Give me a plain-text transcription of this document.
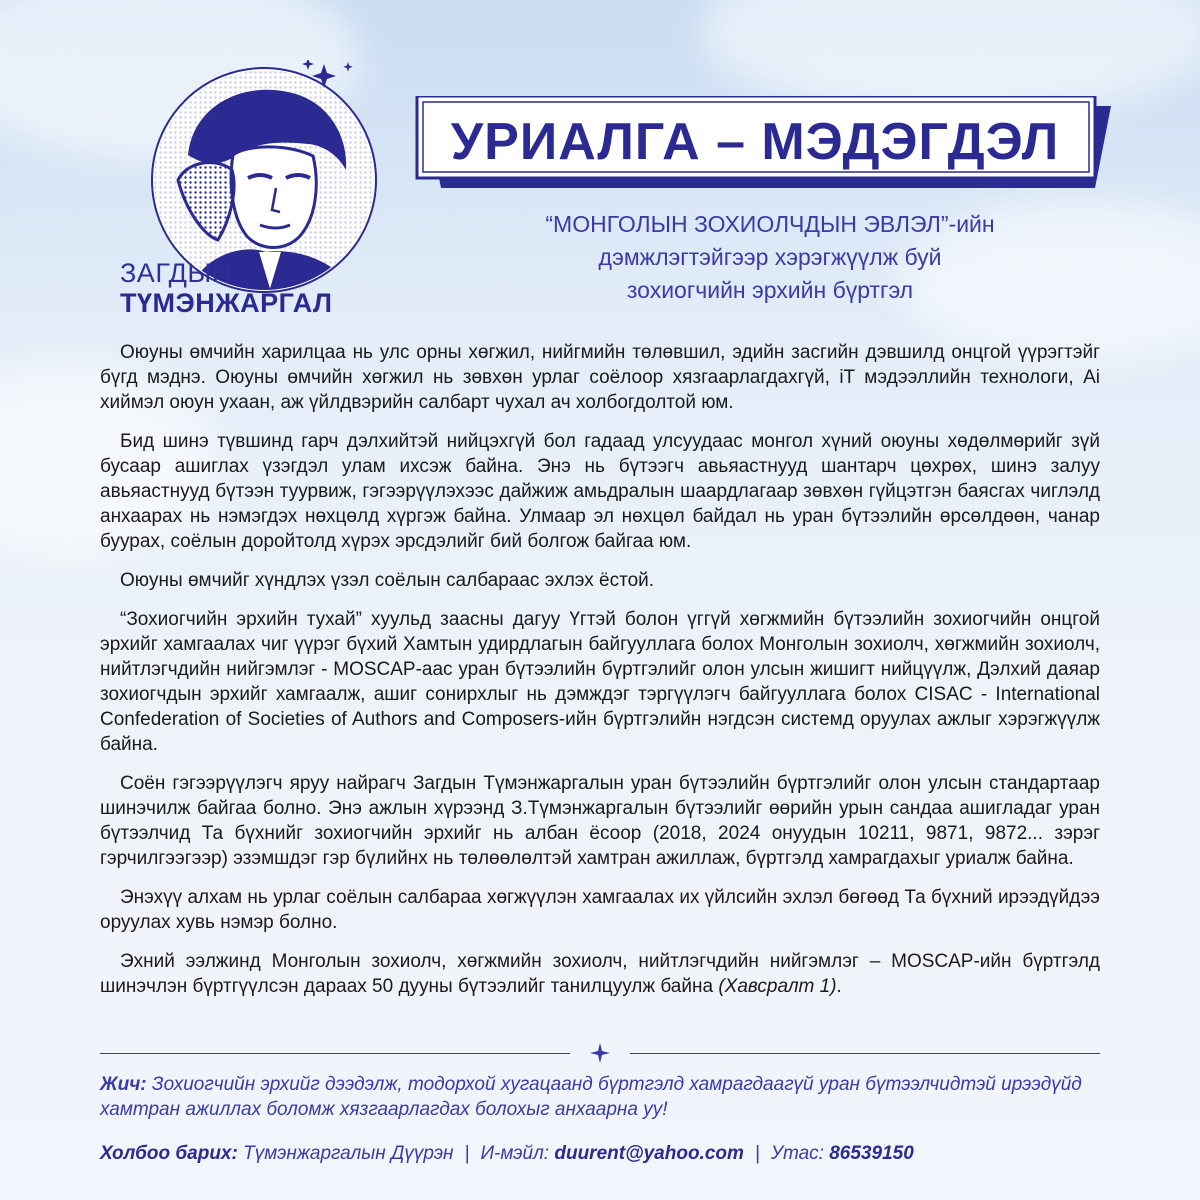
ЗАГДЫН
ТҮМЭНЖАРГАЛ
УРИАЛГА – МЭДЭГДЭЛ
“МОНГОЛЫН ЗОХИОЛЧДЫН ЭВЛЭЛ”-ийн
дэмжлэгтэйгээр хэрэгжүүлж буй
зохиогчийн эрхийн бүртгэл

Оюуны өмчийн харилцаа нь улс орны хөгжил, нийгмийн төлөвшил, эдийн засгийн дэвшилд онцгой үүрэгтэйг бүгд мэднэ. Оюуны өмчийн хөгжил нь зөвхөн урлаг соёлоор хязгаарлагдахгүй, iT мэдээллийн технологи, Ai хиймэл оюун ухаан, аж үйлдвэрийн салбарт чухал ач холбогдолтой юм.

Бид шинэ түвшинд гарч дэлхийтэй нийцэхгүй бол гадаад улсуудаас монгол хүний оюуны хөдөлмөрийг зүй бусаар ашиглах үзэгдэл улам ихсэж байна. Энэ нь бүтээгч авьяастнууд шантарч цөхрөх, шинэ залуу авьяастнууд бүтээн туурвиж, гэгээрүүлэхээс дайжиж амьдралын шаардлагаар зөвхөн гүйцэтгэн баясгах чиглэлд анхаарах нь нэмэгдэх нөхцөлд хүргэж байна. Улмаар эл нөхцөл байдал нь уран бүтээлийн өрсөлдөөн, чанар буурах, соёлын доройтолд хүрэх эрсдэлийг бий болгож байгаа юм.

Оюуны өмчийг хүндлэх үзэл соёлын салбараас эхлэх ёстой.

“Зохиогчийн эрхийн тухай” хуульд заасны дагуу Үгтэй болон үггүй хөгжмийн бүтээлийн зохиогчийн онцгой эрхийг хамгаалах чиг үүрэг бүхий Хамтын удирдлагын байгууллага болох Монголын зохиолч, хөгжмийн зохиолч, нийтлэгчдийн нийгэмлэг - MOSCAP-аас уран бүтээлийн бүртгэлийг олон улсын жишигт нийцүүлж, Дэлхий даяар зохиогчдын эрхийг хамгаалж, ашиг сонирхлыг нь дэмждэг тэргүүлэгч байгууллага болох CISAC - International Confederation of Societies of Authors and Composers-ийн бүртгэлийн нэгдсэн системд оруулах ажлыг хэрэгжүүлж байна.

Соён гэгээрүүлэгч яруу найрагч Загдын Түмэнжаргалын уран бүтээлийн бүртгэлийг олон улсын стандартаар шинэчилж байгаа болно. Энэ ажлын хүрээнд З.Түмэнжаргалын бүтээлийг өөрийн урын сандаа ашигладаг уран бүтээлчид Та бүхнийг зохиогчийн эрхийг нь албан ёсоор (2018, 2024 онуудын 10211, 9871, 9872... зэрэг гэрчилгээгээр) эзэмшдэг гэр бүлийнх нь төлөөлөлтэй хамтран ажиллаж, бүртгэлд хамрагдахыг уриалж байна.

Энэхүү алхам нь урлаг соёлын салбараа хөгжүүлэн хамгаалах их үйлсийн эхлэл бөгөөд Та бүхний ирээдүйдээ оруулах хувь нэмэр болно.

Эхний ээлжинд Монголын зохиолч, хөгжмийн зохиолч, нийтлэгчдийн нийгэмлэг – MOSCAP-ийн бүртгэлд шинэчлэн бүртгүүлсэн дараах 50 дууны бүтээлийг танилцуулж байна (Хавсралт 1).

Жич: Зохиогчийн эрхийг дээдэлж, тодорхой хугацаанд бүртгэлд хамрагдаагүй уран бүтээлчидтэй ирээдүйд хамтран ажиллах боломж хязгаарлагдах болохыг анхаарна уу!
Холбоо барих: Түмэнжаргалын Дүүрэн | И-мэйл: duurent@yahoo.com | Утас: 86539150
